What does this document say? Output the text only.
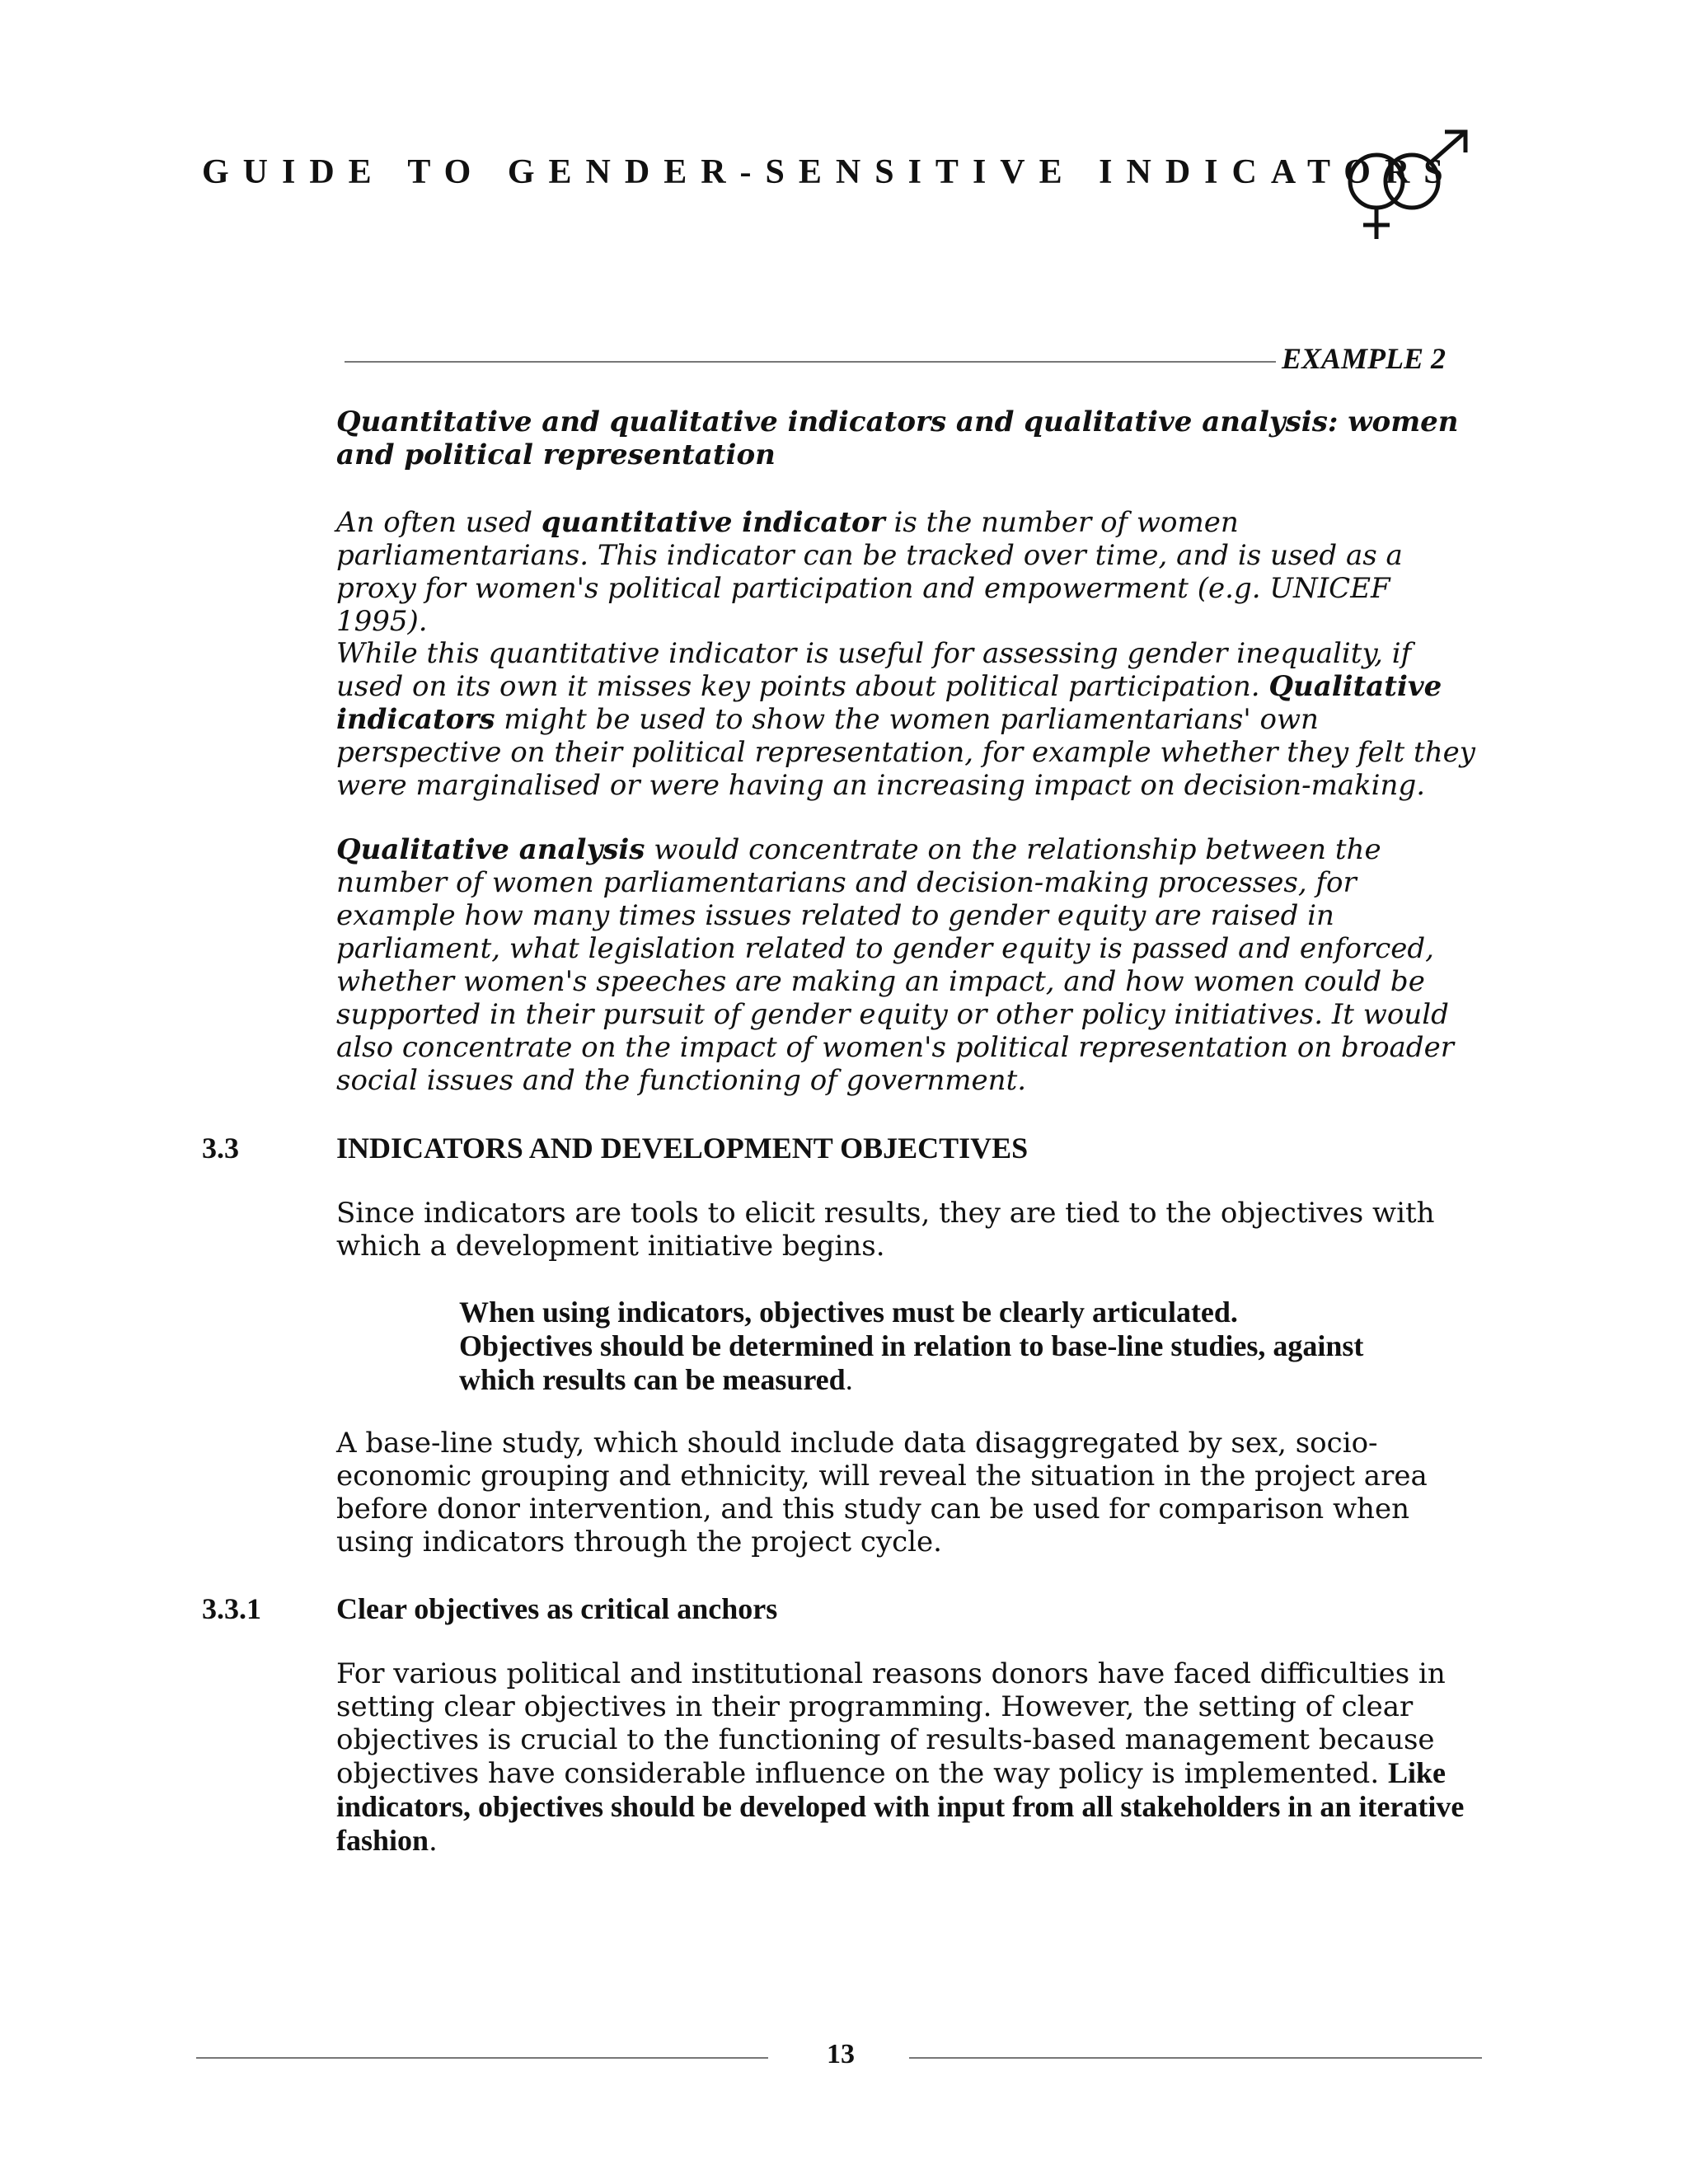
GUIDE TO GENDER-SENSITIVE INDICATORS
EXAMPLE 2

Quantitative and qualitative indicators and qualitative analysis: women and political representation

An often used quantitative indicator is the number of women parliamentarians. This indicator can be tracked over time, and is used as a proxy for women's political participation and empowerment (e.g. UNICEF 1995).

While this quantitative indicator is useful for assessing gender inequality, if used on its own it misses key points about political participation. Qualitative indicators might be used to show the women parliamentarians' own perspective on their political representation, for example whether they felt they were marginalised or were having an increasing impact on decision-making.

Qualitative analysis would concentrate on the relationship between the number of women parliamentarians and decision-making processes, for example how many times issues related to gender equity are raised in parliament, what legislation related to gender equity is passed and enforced, whether women's speeches are making an impact, and how women could be supported in their pursuit of gender equity or other policy initiatives. It would also concentrate on the impact of women's political representation on broader social issues and the functioning of government.

3.3	INDICATORS AND DEVELOPMENT OBJECTIVES

Since indicators are tools to elicit results, they are tied to the objectives with which a development initiative begins.

When using indicators, objectives must be clearly articulated. Objectives should be determined in relation to base-line studies, against which results can be measured.

A base-line study, which should include data disaggregated by sex, socio-economic grouping and ethnicity, will reveal the situation in the project area before donor intervention, and this study can be used for comparison when using indicators through the project cycle.

3.3.1	Clear objectives as critical anchors

For various political and institutional reasons donors have faced difficulties in setting clear objectives in their programming. However, the setting of clear objectives is crucial to the functioning of results-based management because objectives have considerable influence on the way policy is implemented. Like indicators, objectives should be developed with input from all stakeholders in an iterative fashion.

13
